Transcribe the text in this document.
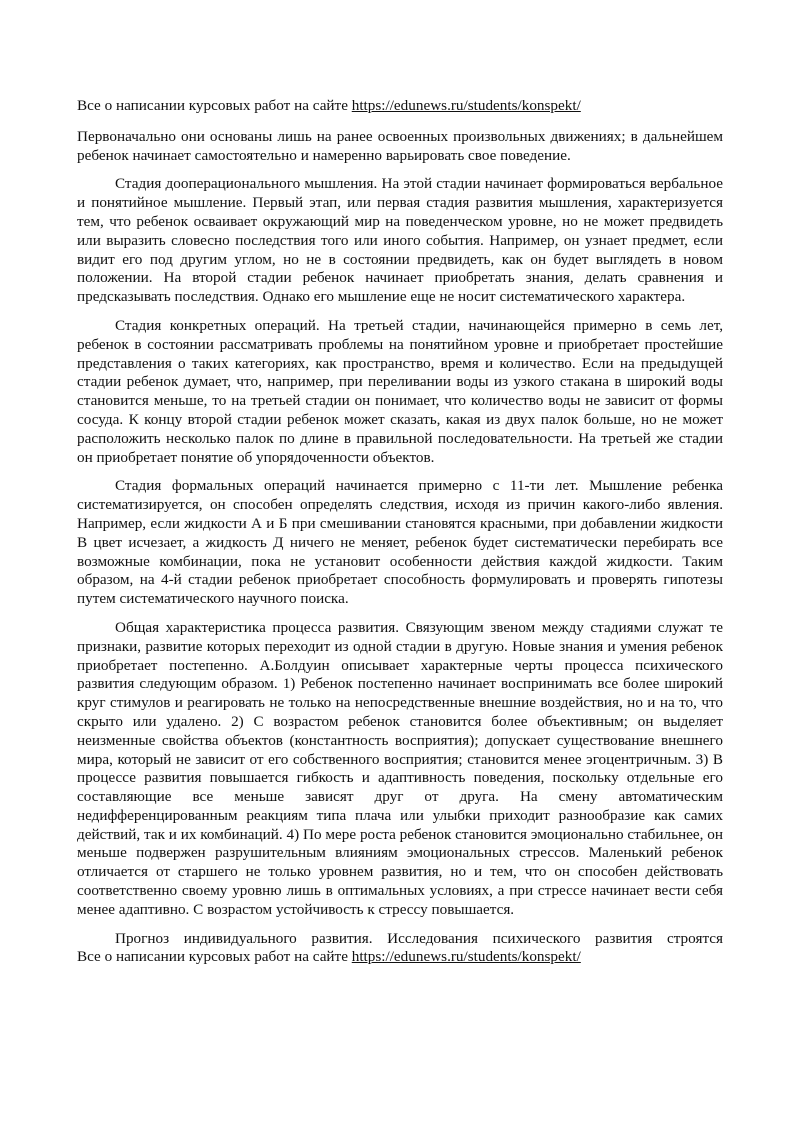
Все о написании курсовых работ на сайте https://edunews.ru/students/konspekt/

Первоначально они основаны лишь на ранее освоенных произвольных движениях; в дальнейшем ребенок начинает самостоятельно и намеренно варьировать свое поведение.

Стадия дооперационального мышления. На этой стадии начинает формироваться вербальное и понятийное мышление. Первый этап, или первая стадия развития мышления, характеризуется тем, что ребенок осваивает окружающий мир на поведенческом уровне, но не может предвидеть или выразить словесно последствия того или иного события. Например, он узнает предмет, если видит его под другим углом, но не в состоянии предвидеть, как он будет выглядеть в новом положении. На второй стадии ребенок начинает приобретать знания, делать сравнения и предсказывать последствия. Однако его мышление еще не носит систематического характера.

Стадия конкретных операций. На третьей стадии, начинающейся примерно в семь лет, ребенок в состоянии рассматривать проблемы на понятийном уровне и приобретает простейшие представления о таких категориях, как пространство, время и количество. Если на предыдущей стадии ребенок думает, что, например, при переливании воды из узкого стакана в широкий воды становится меньше, то на третьей стадии он понимает, что количество воды не зависит от формы сосуда. К концу второй стадии ребенок может сказать, какая из двух палок больше, но не может расположить несколько палок по длине в правильной последовательности. На третьей же стадии он приобретает понятие об упорядоченности объектов.

Стадия формальных операций начинается примерно с 11-ти лет. Мышление ребенка систематизируется, он способен определять следствия, исходя из причин какого-либо явления. Например, если жидкости А и Б при смешивании становятся красными, при добавлении жидкости В цвет исчезает, а жидкость Д ничего не меняет, ребенок будет систематически перебирать все возможные комбинации, пока не установит особенности действия каждой жидкости. Таким образом, на 4-й стадии ребенок приобретает способность формулировать и проверять гипотезы путем систематического научного поиска.

Общая характеристика процесса развития. Связующим звеном между стадиями служат те признаки, развитие которых переходит из одной стадии в другую. Новые знания и умения ребенок приобретает постепенно. А.Болдуин описывает характерные черты процесса психического развития следующим образом. 1) Ребенок постепенно начинает воспринимать все более широкий круг стимулов и реагировать не только на непосредственные внешние воздействия, но и на то, что скрыто или удалено. 2) С возрастом ребенок становится более объективным; он выделяет неизменные свойства объектов (константность восприятия); допускает существование внешнего мира, который не зависит от его собственного восприятия; становится менее эгоцентричным. 3) В процессе развития повышается гибкость и адаптивность поведения, поскольку отдельные его составляющие все меньше зависят друг от друга. На смену автоматическим недифференцированным реакциям типа плача или улыбки приходит разнообразие как самих действий, так и их комбинаций. 4) По мере роста ребенок становится эмоционально стабильнее, он меньше подвержен разрушительным влияниям эмоциональных стрессов. Маленький ребенок отличается от старшего не только уровнем развития, но и тем, что он способен действовать соответственно своему уровню лишь в оптимальных условиях, а при стрессе начинает вести себя менее адаптивно. С возрастом устойчивость к стрессу повышается.

Прогноз индивидуального развития. Исследования психического развития строятся

Все о написании курсовых работ на сайте https://edunews.ru/students/konspekt/
